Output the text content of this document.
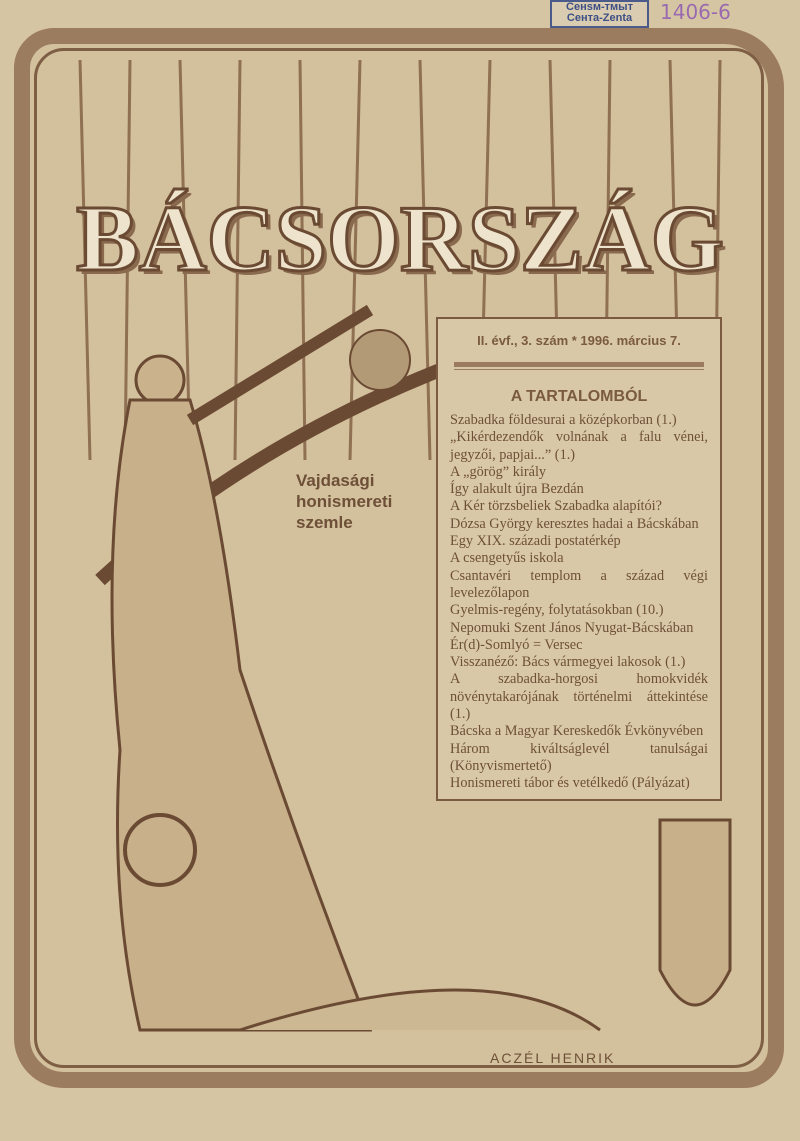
BÁCSORSZÁG
Сенѕм-тмыт
Сента-Zenta	1406-6
Vajdasági
honismereti
szemle
II. évf., 3. szám * 1996. március 7.
A TARTALOMBÓL
Szabadka földesurai a középkorban (1.)
„Kikérdezendők volnának a falu vénei, jegyzői, papjai...” (1.)
A „görög” király
Így alakult újra Bezdán
A Kér törzsbeliek Szabadka alapítói?
Dózsa György keresztes hadai a Bácskában
Egy XIX. századi postatérkép
A csengetyűs iskola
Csantavéri templom a század végi levelezőlapon
Gyelmis-regény, folytatásokban (10.)
Nepomuki Szent János Nyugat-Bácskában
Ér(d)-Somlyó = Versec
Visszanéző: Bács vármegyei lakosok (1.)
A szabadka-horgosi homokvidék növénytakarójának történelmi áttekintése (1.)
Bácska a Magyar Kereskedők Évkönyvében
Három kiváltságlevél tanulságai (Könyvismertető)
Honismereti tábor és vetélkedő (Pályázat)
ACZÉL HENRIK
